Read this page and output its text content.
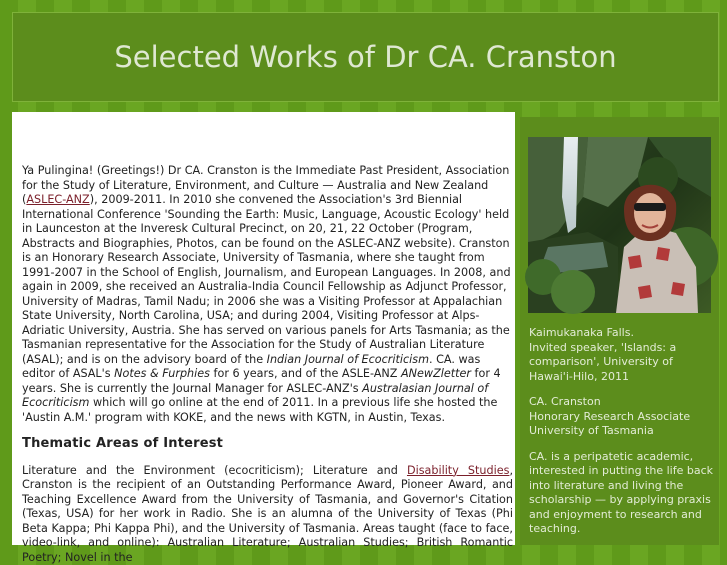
Selected Works of Dr CA. Cranston

Ya Pulingina! (Greetings!) Dr CA. Cranston is the Immediate Past President, Association for the Study of Literature, Environment, and Culture — Australia and New Zealand (ASLEC-ANZ), 2009-2011. In 2010 she convened the Association's 3rd Biennial International Conference 'Sounding the Earth: Music, Language, Acoustic Ecology' held in Launceston at the Inveresk Cultural Precinct, on 20, 21, 22 October (Program, Abstracts and Biographies, Photos, can be found on the ASLEC-ANZ website). Cranston is an Honorary Research Associate, University of Tasmania, where she taught from 1991-2007 in the School of English, Journalism, and European Languages. In 2008, and again in 2009, she received an Australia-India Council Fellowship as Adjunct Professor, University of Madras, Tamil Nadu; in 2006 she was a Visiting Professor at Appalachian State University, North Carolina, USA; and during 2004, Visiting Professor at Alps-Adriatic University, Austria. She has served on various panels for Arts Tasmania; as the Tasmanian representative for the Association for the Study of Australian Literature (ASAL); and is on the advisory board of the Indian Journal of Ecocriticism. CA. was editor of ASAL's Notes & Furphies for 6 years, and of the ASLE-ANZ ANewZletter for 4 years. She is currently the Journal Manager for ASLEC-ANZ's Australasian Journal of Ecocriticism which will go online at the end of 2011. In a previous life she hosted the 'Austin A.M.' program with KOKE, and the news with KGTN, in Austin, Texas.

Thematic Areas of Interest

Literature and the Environment (ecocriticism); Literature and Disability Studies, Cranston is the recipient of an Outstanding Performance Award, Pioneer Award, and Teaching Excellence Award from the University of Tasmania, and Governor's Citation (Texas, USA) for her work in Radio. She is an alumna of the University of Texas (Phi Beta Kappa; Phi Kappa Phi), and the University of Tasmania. Areas taught (face to face, video-link, and online): Australian Literature; Australian Studies; British Romantic Poetry; Novel in the

Kaimukanaka Falls.
Invited speaker, 'Islands: a comparison', University of Hawai'i-Hilo, 2011

CA. Cranston
Honorary Research Associate
University of Tasmania

CA. is a peripatetic academic, interested in putting the life back into literature and living the scholarship — by applying praxis and enjoyment to research and teaching.
